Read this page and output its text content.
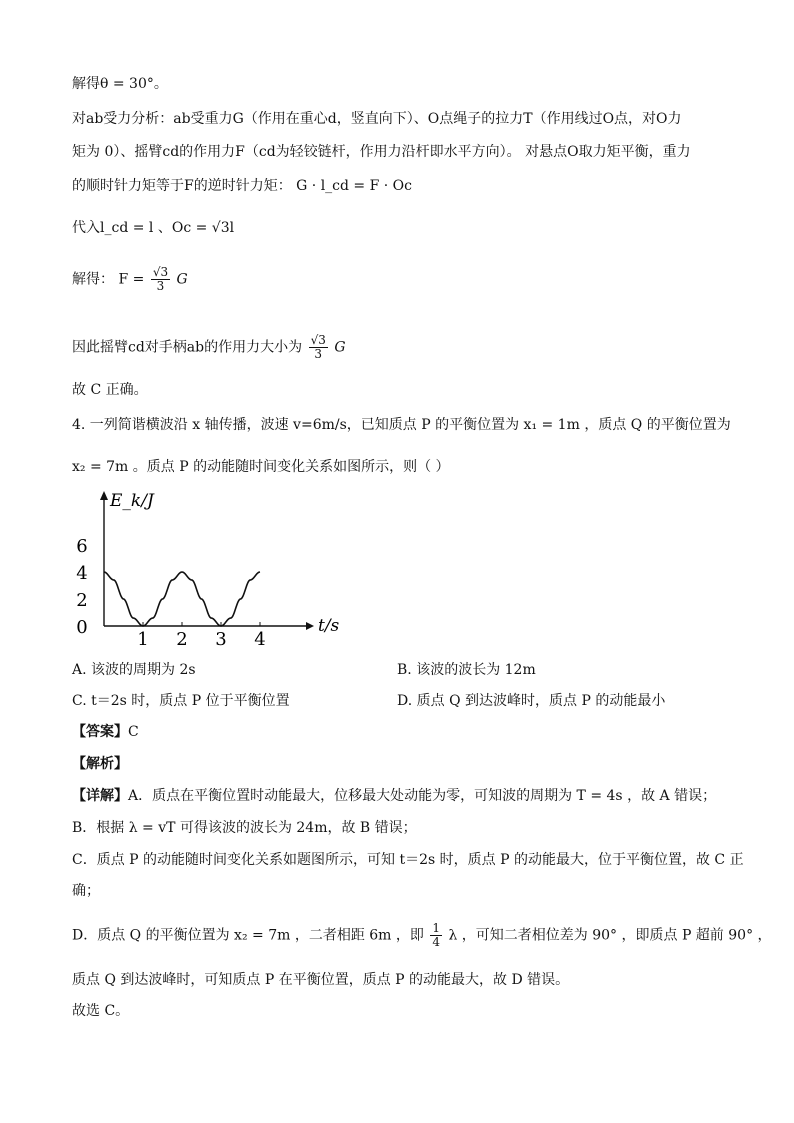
解得θ = 30°。
对ab受力分析：ab受重力G（作用在重心d，竖直向下）、O点绳子的拉力T（作用线过O点，对O力
矩为 0）、摇臂cd的作用力F（cd为轻铰链杆，作用力沿杆即水平方向）。 对悬点O取力矩平衡，重力
的顺时针力矩等于F的逆时针力矩： G · l_cd = F · Oc
代入l_cd = l 、Oc = √3l
解得： $F = \frac{√3}{3}$ G
因此摇臂cd对手柄ab的作用力大小为 $\frac{√3}{3}$ G
故 C 正确。
4. 一列简谐横波沿 x 轴传播，波速 v=6m/s，已知质点 P 的平衡位置为 x₁ = 1m ，质点 Q 的平衡位置为
x₂ = 7m 。质点 P 的动能随时间变化关系如图所示，则（ ）
1 2 3 4
0
2
4
6
E_k/J
t/s
A. 该波的周期为 2s	B. 该波的波长为 12m
C. t＝2s 时，质点 P 位于平衡位置	D. 质点 Q 到达波峰时，质点 P 的动能最小
【答案】C
【解析】
【详解】A．质点在平衡位置时动能最大，位移最大处动能为零，可知波的周期为 T = 4s ，故 A 错误；
B．根据 λ = vT 可得该波的波长为 24m，故 B 错误；
C．质点 P 的动能随时间变化关系如题图所示，可知 t＝2s 时，质点 P 的动能最大，位于平衡位置，故 C 正
确；
D．质点 Q 的平衡位置为 x₂ = 7m ，二者相距 6m ，即 $\frac{1}{4}$ λ ，可知二者相位差为 90° ，即质点 P 超前 90° ，
质点 Q 到达波峰时，可知质点 P 在平衡位置，质点 P 的动能最大，故 D 错误。
故选 C。
